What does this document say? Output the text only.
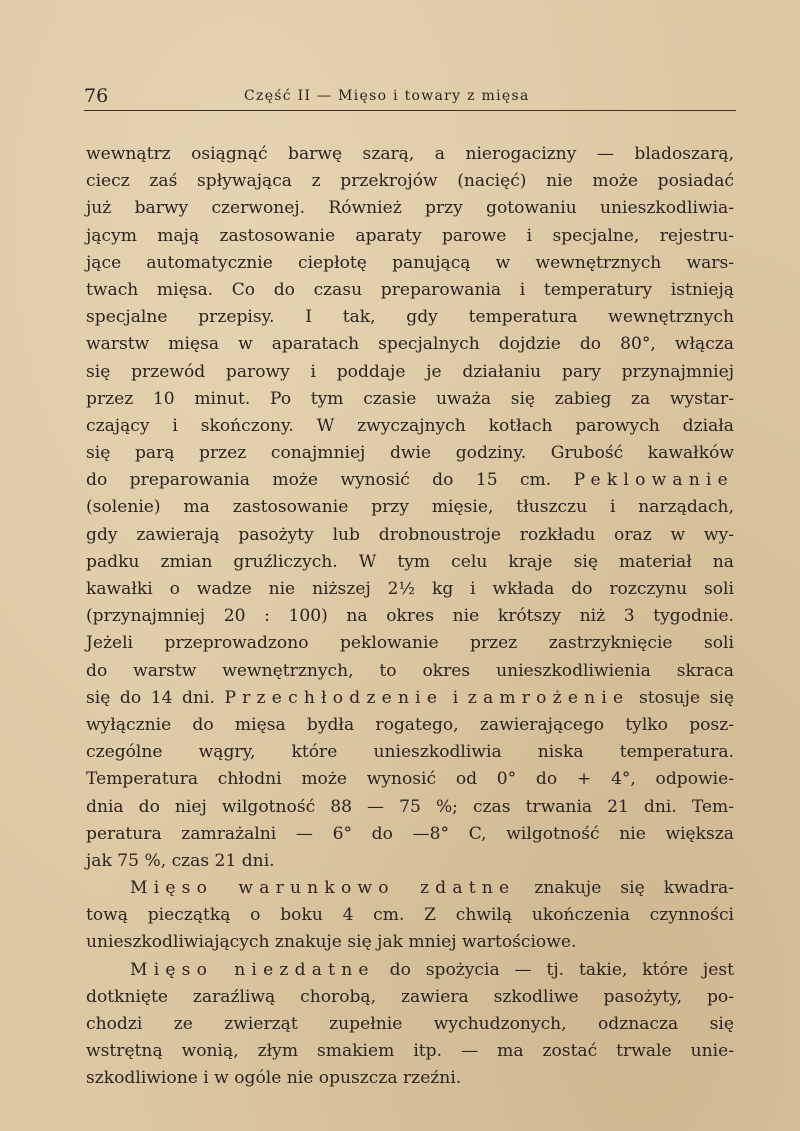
76	Część II — Mięso i towary z mięsa
wewnątrz osiągnąć barwę szarą, a nierogacizny — bladoszarą,
ciecz zaś spływająca z przekrojów (nacięć) nie może posiadać
już barwy czerwonej. Również przy gotowaniu unieszkodliwia-
jącym mają zastosowanie aparaty parowe i specjalne, rejestru-
jące automatycznie ciepłotę panującą w wewnętrznych wars-
twach mięsa. Co do czasu preparowania i temperatury istnieją
specjalne przepisy. I tak, gdy temperatura wewnętrznych
warstw mięsa w aparatach specjalnych dojdzie do 80°, włącza
się przewód parowy i poddaje je działaniu pary przynajmniej
przez 10 minut. Po tym czasie uważa się zabieg za wystar-
czający i skończony. W zwyczajnych kotłach parowych działa
się parą przez conajmniej dwie godziny. Grubość kawałków
do preparowania może wynosić do 15 cm. Peklowanie
(solenie) ma zastosowanie przy mięsie, tłuszczu i narządach,
gdy zawierają pasożyty lub drobnoustroje rozkładu oraz w wy-
padku zmian gruźliczych. W tym celu kraje się materiał na
kawałki o wadze nie niższej 2½ kg i wkłada do rozczynu soli
(przynajmniej 20 : 100) na okres nie krótszy niż 3 tygodnie.
Jeżeli przeprowadzono peklowanie przez zastrzyknięcie soli
do warstw wewnętrznych, to okres unieszkodliwienia skraca
się do 14 dni. Przechłodzenie i zamrożenie stosuje się
wyłącznie do mięsa bydła rogatego, zawierającego tylko posz-
czególne wągry, które unieszkodliwia niska temperatura.
Temperatura chłodni może wynosić od 0° do + 4°, odpowie-
dnia do niej wilgotność 88 — 75 %; czas trwania 21 dni. Tem-
peratura zamrażalni — 6° do —8° C, wilgotność nie większa
jak 75 %, czas 21 dni.
Mięso warunkowo zdatne znakuje się kwadra-
tową pieczątką o boku 4 cm. Z chwilą ukończenia czynności
unieszkodliwiających znakuje się jak mniej wartościowe.
Mięso niezdatne do spożycia — tj. takie, które jest
dotknięte zaraźliwą chorobą, zawiera szkodliwe pasożyty, po-
chodzi ze zwierząt zupełnie wychudzonych, odznacza się
wstrętną wonią, złym smakiem itp. — ma zostać trwale unie-
szkodliwione i w ogóle nie opuszcza rzeźni.
